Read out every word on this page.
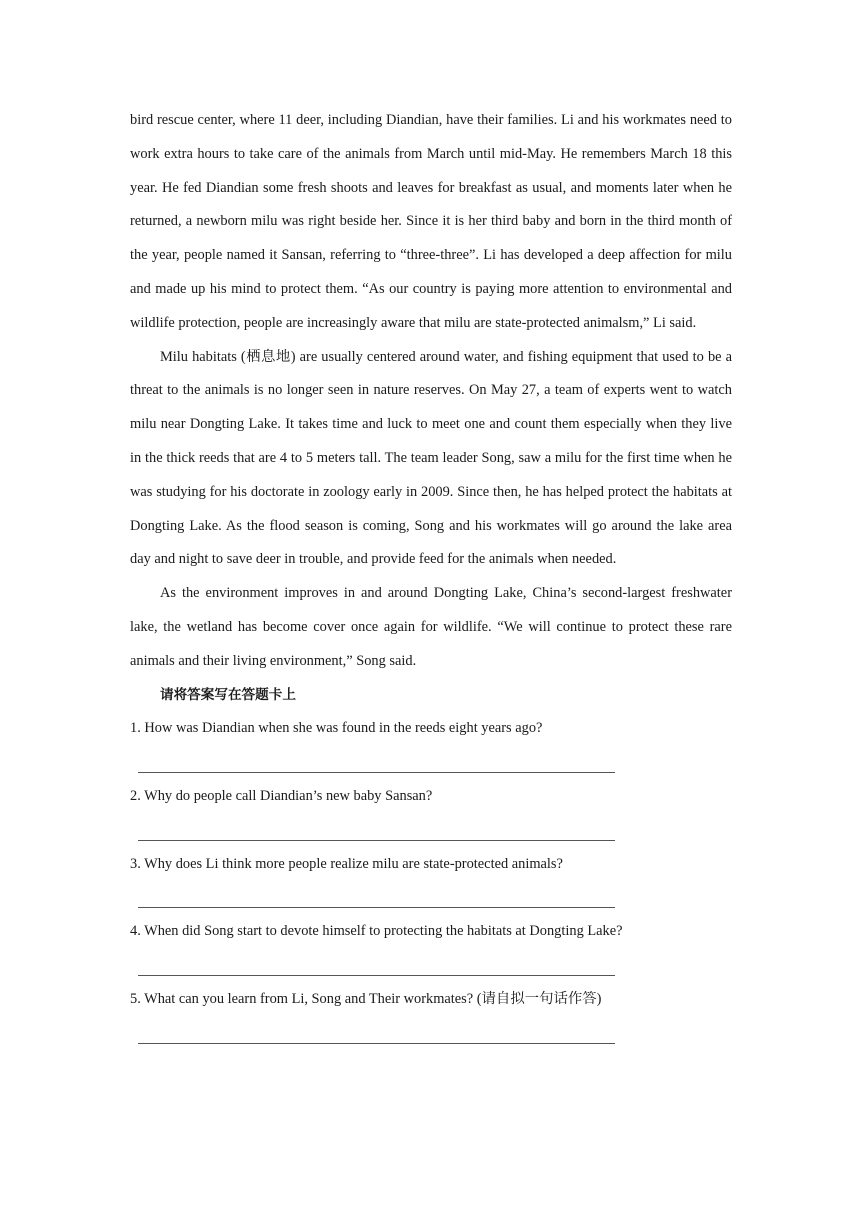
bird rescue center, where 11 deer, including Diandian, have their families. Li and his workmates need to work extra hours to take care of the animals from March until mid-May. He remembers March 18 this year. He fed Diandian some fresh shoots and leaves for breakfast as usual, and moments later when he returned, a newborn milu was right beside her. Since it is her third baby and born in the third month of the year, people named it Sansan, referring to “three-three”. Li has developed a deep affection for milu and made up his mind to protect them. “As our country is paying more attention to environmental and wildlife protection, people are increasingly aware that milu are state-protected animalsm,” Li said.

Milu habitats (栖息地) are usually centered around water, and fishing equipment that used to be a threat to the animals is no longer seen in nature reserves. On May 27, a team of experts went to watch milu near Dongting Lake. It takes time and luck to meet one and count them especially when they live in the thick reeds that are 4 to 5 meters tall. The team leader Song, saw a milu for the first time when he was studying for his doctorate in zoology early in 2009. Since then, he has helped protect the habitats at Dongting Lake. As the flood season is coming, Song and his workmates will go around the lake area day and night to save deer in trouble, and provide feed for the animals when needed.

As the environment improves in and around Dongting Lake, China’s second-largest freshwater lake, the wetland has become cover once again for wildlife. “We will continue to protect these rare animals and their living environment,” Song said.

请将答案写在答题卡上

1. How was Diandian when she was found in the reeds eight years ago?

2. Why do people call Diandian’s new baby Sansan?

3. Why does Li think more people realize milu are state-protected animals?

4. When did Song start to devote himself to protecting the habitats at Dongting Lake?

5. What can you learn from Li, Song and Their workmates? (请自拟一句话作答)
